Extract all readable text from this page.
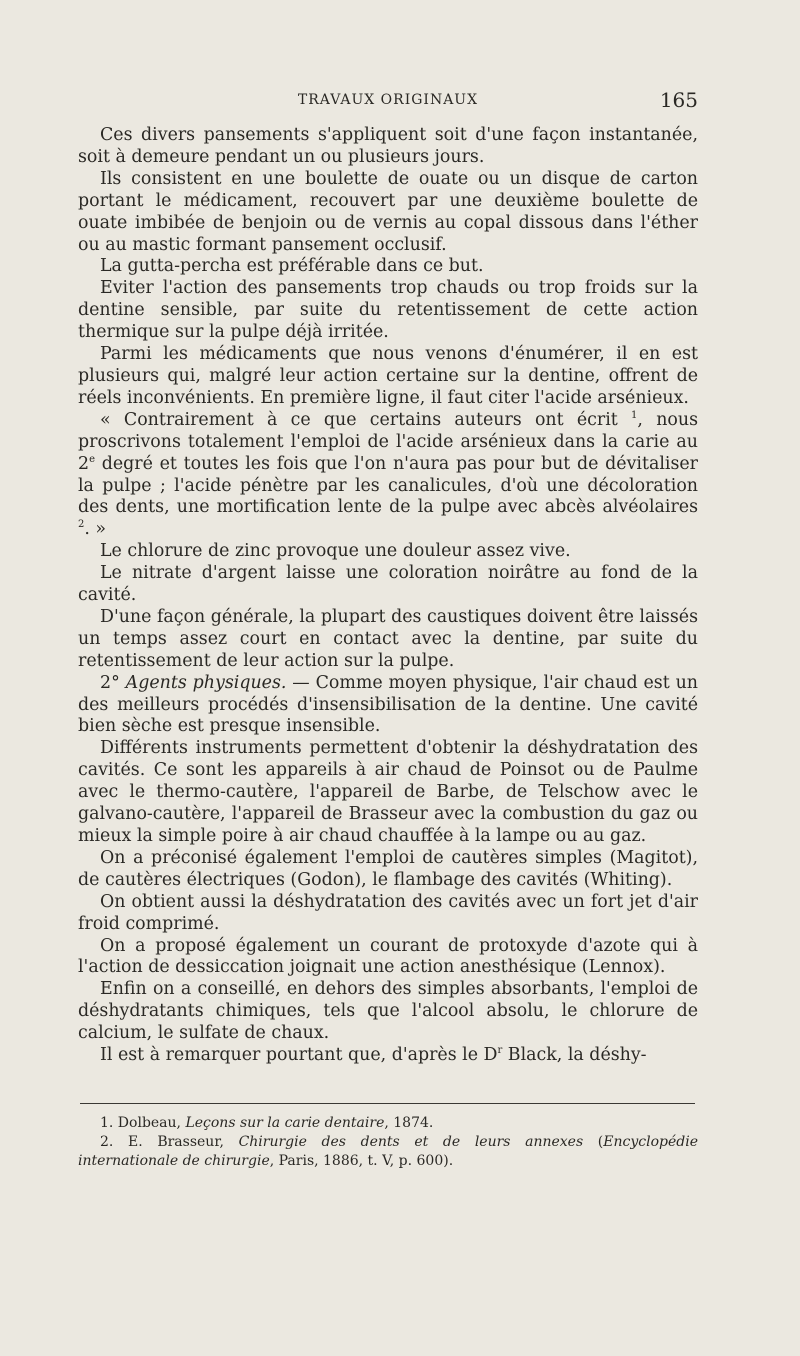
TRAVAUX ORIGINAUX	165

Ces divers pansements s'appliquent soit d'une façon instantanée, soit à demeure pendant un ou plusieurs jours.

Ils consistent en une boulette de ouate ou un disque de carton portant le médicament, recouvert par une deuxième boulette de ouate imbibée de benjoin ou de vernis au copal dissous dans l'éther ou au mastic formant pansement occlusif.

La gutta-percha est préférable dans ce but.

Eviter l'action des pansements trop chauds ou trop froids sur la dentine sensible, par suite du retentissement de cette action thermique sur la pulpe déjà irritée.

Parmi les médicaments que nous venons d'énumérer, il en est plusieurs qui, malgré leur action certaine sur la dentine, offrent de réels inconvénients. En première ligne, il faut citer l'acide arsénieux.

« Contrairement à ce que certains auteurs ont écrit $^1$, nous proscrivons totalement l'emploi de l'acide arsénieux dans la carie au 2e degré et toutes les fois que l'on n'aura pas pour but de dévitaliser la pulpe ; l'acide pénètre par les canalicules, d'où une décoloration des dents, une mortification lente de la pulpe avec abcès alvéolaires $^2$. »

Le chlorure de zinc provoque une douleur assez vive.

Le nitrate d'argent laisse une coloration noirâtre au fond de la cavité.

D'une façon générale, la plupart des caustiques doivent être laissés un temps assez court en contact avec la dentine, par suite du retentissement de leur action sur la pulpe.

2° Agents physiques. — Comme moyen physique, l'air chaud est un des meilleurs procédés d'insensibilisation de la dentine. Une cavité bien sèche est presque insensible.

Différents instruments permettent d'obtenir la déshydratation des cavités. Ce sont les appareils à air chaud de Poinsot ou de Paulme avec le thermo-cautère, l'appareil de Barbe, de Telschow avec le galvano-cautère, l'appareil de Brasseur avec la combustion du gaz ou mieux la simple poire à air chaud chauffée à la lampe ou au gaz.

On a préconisé également l'emploi de cautères simples (Magitot), de cautères électriques (Godon), le flambage des cavités (Whiting).

On obtient aussi la déshydratation des cavités avec un fort jet d'air froid comprimé.

On a proposé également un courant de protoxyde d'azote qui à l'action de dessiccation joignait une action anesthésique (Lennox).

Enfin on a conseillé, en dehors des simples absorbants, l'emploi de déshydratants chimiques, tels que l'alcool absolu, le chlorure de calcium, le sulfate de chaux.

Il est à remarquer pourtant que, d'après le $D^r$ Black, la déshy-

1. Dolbeau, Leçons sur la carie dentaire, 1874.

2. E. Brasseur, Chirurgie des dents et de leurs annexes (Encyclopédie internationale de chirurgie, Paris, 1886, t. V, p. 600).
